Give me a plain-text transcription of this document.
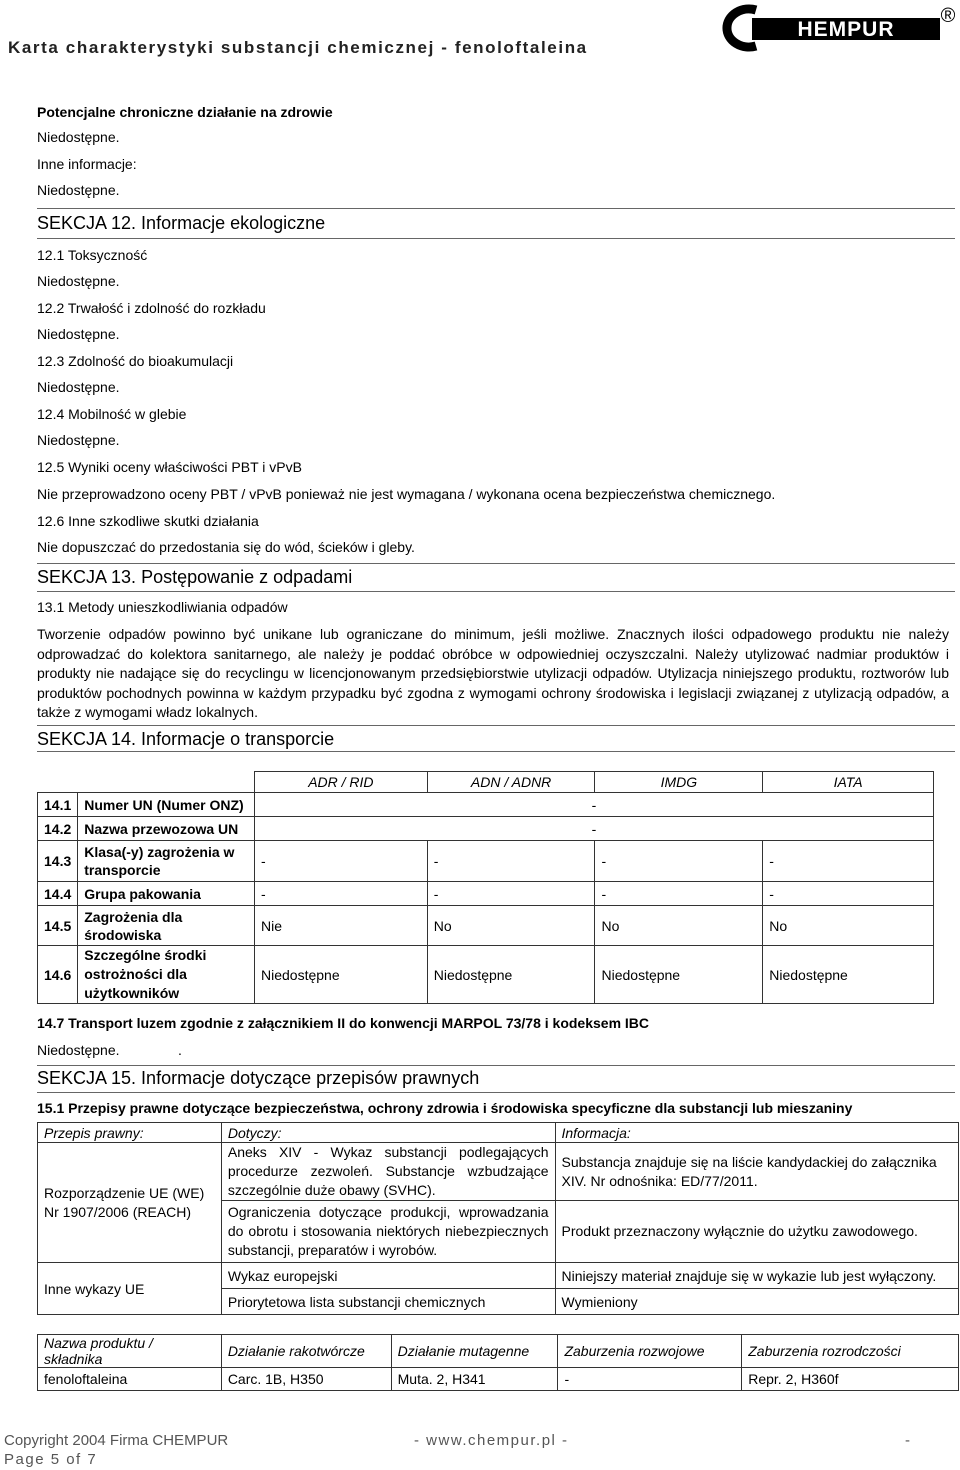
Karta charakterystyki substancji chemicznej - fenoloftaleina
HEMPUR
®
Potencjalne chroniczne działanie na zdrowie
Niedostępne.
Inne informacje:
Niedostępne.
SEKCJA 12. Informacje ekologiczne
12.1 Toksyczność
Niedostępne.
12.2 Trwałość i zdolność do rozkładu
Niedostępne.
12.3 Zdolność do bioakumulacji
Niedostępne.
12.4 Mobilność w glebie
Niedostępne.
12.5 Wyniki oceny właściwości PBT i vPvB
Nie przeprowadzono oceny PBT / vPvB ponieważ nie jest wymagana / wykonana ocena bezpieczeństwa chemicznego.
12.6 Inne szkodliwe skutki działania
Nie dopuszczać do przedostania się do wód, ścieków i gleby.
SEKCJA 13. Postępowanie z odpadami
13.1 Metody unieszkodliwiania odpadów
Tworzenie odpadów powinno być unikane lub ograniczane do minimum, jeśli możliwe. Znacznych ilości odpadowego produktu nie należy odprowadzać do kolektora sanitarnego, ale należy je poddać obróbce w odpowiedniej oczyszczalni. Należy utylizować nadmiar produktów i produkty nie nadające się do recyclingu w licencjonowanym przedsiębiorstwie utylizacji odpadów. Utylizacja niniejszego produktu, roztworów lub produktów pochodnych powinna w każdym przypadku być zgodna z wymogami ochrony środowiska i legislacji związanej z utylizacją odpadów, a także z wymogami władz lokalnych.
SEKCJA 14. Informacje o transporcie
		ADR / RID	ADN / ADNR	IMDG	IATA
14.1	Numer UN (Numer ONZ)	-			
14.2	Nazwa przewozowa UN	-			
14.3	Klasa(-y) zagrożenia w transporcie	-	-	-	-
14.4	Grupa pakowania	-	-	-	-
14.5	Zagrożenia dla środowiska	Nie	No	No	No
14.6	Szczególne środki ostrożności dla użytkowników	Niedostępne	Niedostępne	Niedostępne	Niedostępne
14.7 Transport luzem zgodnie z załącznikiem II do konwencji MARPOL 73/78 i kodeksem IBC
Niedostępne.	.
SEKCJA 15. Informacje dotyczące przepisów prawnych
15.1 Przepisy prawne dotyczące bezpieczeństwa, ochrony zdrowia i środowiska specyficzne dla substancji lub mieszaniny
Przepis prawny:	Dotyczy:	Informacja:
Rozporządzenie UE (WE) Nr 1907/2006 (REACH)	Aneks XIV - Wykaz substancji podlegających procedurze zezwoleń. Substancje wzbudzające szczególnie duże obawy (SVHC).	Substancja znajduje się na liście kandydackiej do załącznika XIV. Nr odnośnika: ED/77/2011.
	Ograniczenia dotyczące produkcji, wprowadzania do obrotu i stosowania niektórych niebezpiecznych substancji, preparatów i wyrobów.	Produkt przeznaczony wyłącznie do użytku zawodowego.
Inne wykazy UE	Wykaz europejski	Niniejszy materiał znajduje się w wykazie lub jest wyłączony.
	Priorytetowa lista substancji chemicznych	Wymieniony
Nazwa produktu / składnika	Działanie rakotwórcze	Działanie mutagenne	Zaburzenia rozwojowe	Zaburzenia rozrodczości
fenoloftaleina	Carc. 1B, H350	Muta. 2, H341	-	Repr. 2, H360f
Copyright 2004 Firma CHEMPUR	- www.chempur.pl -	-
Page 5 of 7
